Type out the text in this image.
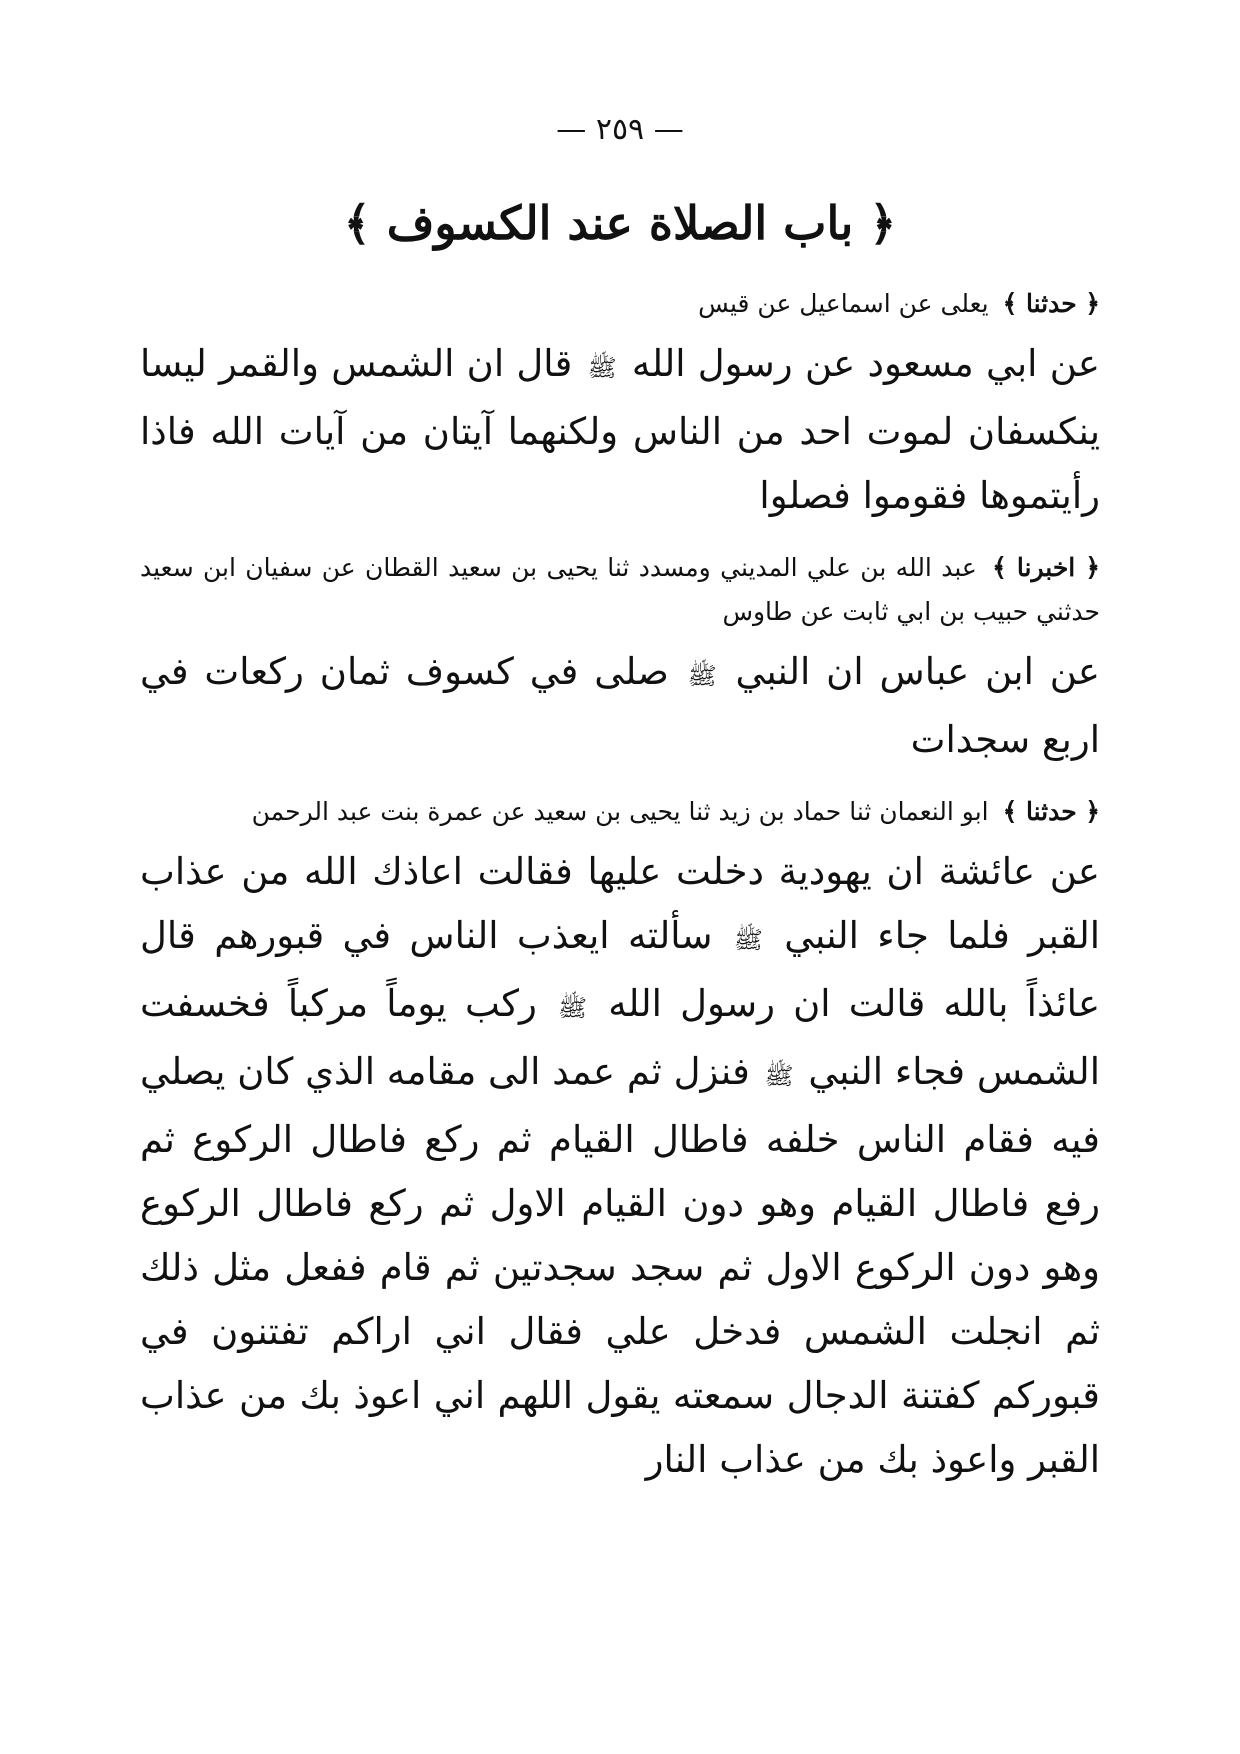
— ٢٥٩ —
﴿ باب الصلاة عند الكسوف ﴾
﴿ حدثنا ﴾ يعلى عن اسماعيل عن قيس
عن ابي مسعود عن رسول الله ﷺ قال ان الشمس والقمر ليسا ينكسفان لموت احد من الناس ولكنهما آيتان من آيات الله فاذا رأيتموها فقوموا فصلوا
﴿ اخبرنا ﴾ عبد الله بن علي المديني ومسدد ثنا يحيى بن سعيد القطان عن سفيان ابن سعيد حدثني حبيب بن ابي ثابت عن طاوس
عن ابن عباس ان النبي ﷺ صلى في كسوف ثمان ركعات في اربع سجدات
﴿ حدثنا ﴾ ابو النعمان ثنا حماد بن زيد ثنا يحيى بن سعيد عن عمرة بنت عبد الرحمن
عن عائشة ان يهودية دخلت عليها فقالت اعاذك الله من عذاب القبر فلما جاء النبي ﷺ سألته ايعذب الناس في قبورهم قال عائذاً بالله قالت ان رسول الله ﷺ ركب يوماً مركباً فخسفت الشمس فجاء النبي ﷺ فنزل ثم عمد الى مقامه الذي كان يصلي فيه فقام الناس خلفه فاطال القيام ثم ركع فاطال الركوع ثم رفع فاطال القيام وهو دون القيام الاول ثم ركع فاطال الركوع وهو دون الركوع الاول ثم سجد سجدتين ثم قام ففعل مثل ذلك ثم انجلت الشمس فدخل علي فقال اني اراكم تفتنون في قبوركم كفتنة الدجال سمعته يقول اللهم اني اعوذ بك من عذاب القبر واعوذ بك من عذاب النار
